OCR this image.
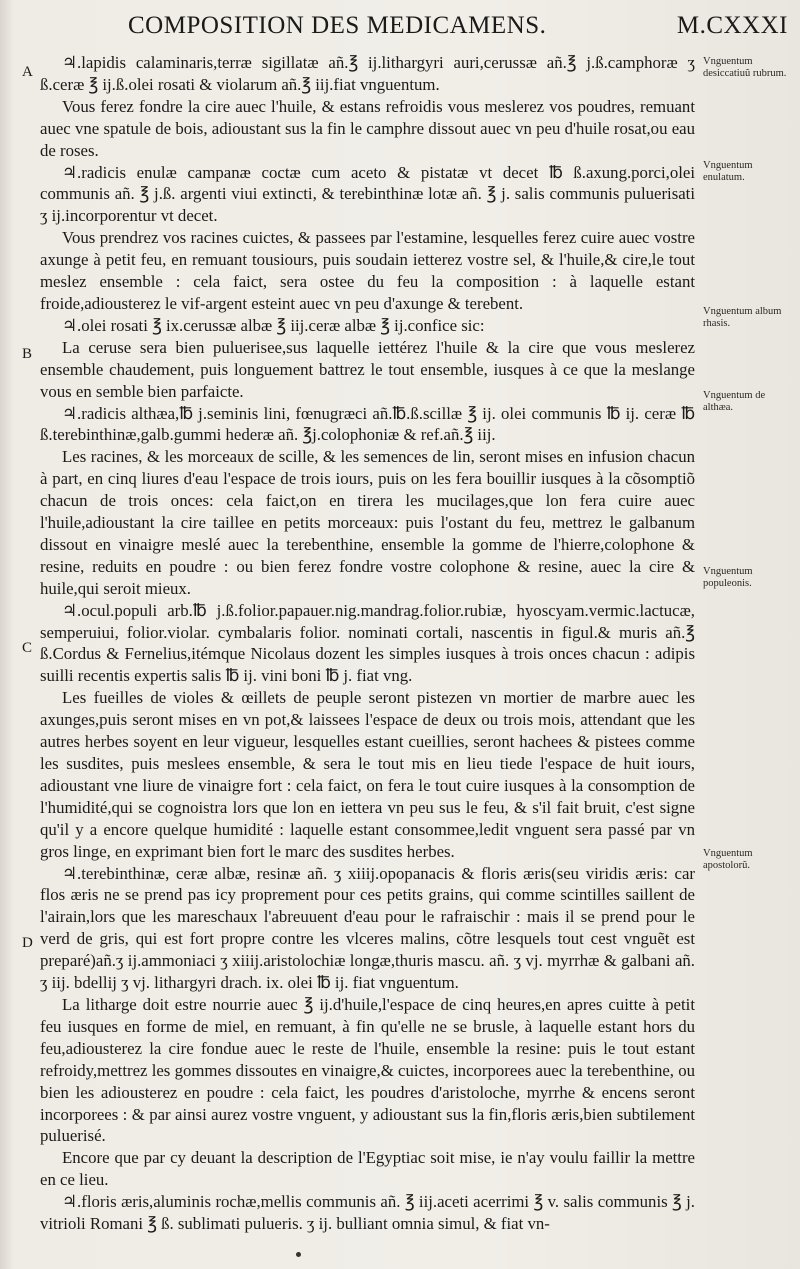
COMPOSITION DES MEDICAMENS.	M.CXXXI
A
B
C
D
Vnguentum desiccatiuũ rubrum.
Vnguentum enulatum.
Vnguentum album rhasis.
Vnguentum de althæa.
Vnguentum populeonis.
Vnguentum apostolorũ.

♃.lapidis calaminaris,terræ sigillatæ añ.℥ ij.lithargyri auri,cerussæ añ.℥ j.ß.camphoræ ʒ ß.ceræ ℥ ij.ß.olei rosati & violarum añ.℥ iij.fiat vnguentum.

Vous ferez fondre la cire auec l'huile, & estans refroidis vous meslerez vos poudres, remuant auec vne spatule de bois, adioustant sus la fin le camphre dissout auec vn peu d'huile rosat,ou eau de roses.

♃.radicis enulæ campanæ coctæ cum aceto & pistatæ vt decet ℔ ß.axung.porci,olei communis añ. ℥ j.ß. argenti viui extincti, & terebinthinæ lotæ añ. ℥ j. salis communis puluerisati ʒ ij.incorporentur vt decet.

Vous prendrez vos racines cuictes, & passees par l'estamine, lesquelles ferez cuire auec vostre axunge à petit feu, en remuant tousiours, puis soudain ietterez vostre sel, & l'huile,& cire,le tout meslez ensemble : cela faict, sera ostee du feu la composition : à laquelle estant froide,adiousterez le vif-argent esteint auec vn peu d'axunge & terebent.

♃.olei rosati ℥ ix.cerussæ albæ ℥ iij.ceræ albæ ℥ ij.confice sic:

La ceruse sera bien puluerisee,sus laquelle iettérez l'huile & la cire que vous meslerez ensemble chaudement, puis longuement battrez le tout ensemble, iusques à ce que la meslange vous en semble bien parfaicte.

♃.radicis althæa,℔ j.seminis lini, fœnugræci añ.℔.ß.scillæ ℥ ij. olei communis ℔ ij. ceræ ℔ ß.terebinthinæ,galb.gummi hederæ añ. ℥j.colophoniæ & ref.añ.℥ iij.

Les racines, & les morceaux de scille, & les semences de lin, seront mises en infusion chacun à part, en cinq liures d'eau l'espace de trois iours, puis on les fera bouillir iusques à la cõsomptiõ chacun de trois onces: cela faict,on en tirera les mucilages,que lon fera cuire auec l'huile,adioustant la cire taillee en petits morceaux: puis l'ostant du feu, mettrez le galbanum dissout en vinaigre meslé auec la terebenthine, ensemble la gomme de l'hierre,colophone & resine, reduits en poudre : ou bien ferez fondre vostre colophone & resine, auec la cire & huile,qui seroit mieux.

♃.ocul.populi arb.℔ j.ß.folior.papauer.nig.mandrag.folior.rubiæ, hyoscyam.vermic.lactucæ, semperuiui, folior.violar. cymbalaris folior. nominati cortali, nascentis in figul.& muris añ.℥ ß.Cordus & Fernelius,itémque Nicolaus dozent les simples iusques à trois onces chacun : adipis suilli recentis expertis salis ℔ ij. vini boni ℔ j. fiat vng.

Les fueilles de violes & œillets de peuple seront pistezen vn mortier de marbre auec les axunges,puis seront mises en vn pot,& laissees l'espace de deux ou trois mois, attendant que les autres herbes soyent en leur vigueur, lesquelles estant cueillies, seront hachees & pistees comme les susdites, puis meslees ensemble, & sera le tout mis en lieu tiede l'espace de huit iours, adioustant vne liure de vinaigre fort : cela faict, on fera le tout cuire iusques à la consomption de l'humidité,qui se cognoistra lors que lon en iettera vn peu sus le feu, & s'il fait bruit, c'est signe qu'il y a encore quelque humidité : laquelle estant consommee,ledit vnguent sera passé par vn gros linge, en exprimant bien fort le marc des susdites herbes.

♃.terebinthinæ, ceræ albæ, resinæ añ. ʒ xiiij.opopanacis & floris æris(seu viridis æris: car flos æris ne se prend pas icy proprement pour ces petits grains, qui comme scintilles saillent de l'airain,lors que les mareschaux l'abreuuent d'eau pour le rafraischir : mais il se prend pour le verd de gris, qui est fort propre contre les vlceres malins, cõtre lesquels tout cest vnguẽt est preparé)añ.ʒ ij.ammoniaci ʒ xiiij.aristolochiæ longæ,thuris mascu. añ. ʒ vj. myrrhæ & galbani añ. ʒ iij. bdellij ʒ vj. lithargyri drach. ix. olei ℔ ij. fiat vnguentum.

La litharge doit estre nourrie auec ℥ ij.d'huile,l'espace de cinq heures,en apres cuitte à petit feu iusques en forme de miel, en remuant, à fin qu'elle ne se brusle, à laquelle estant hors du feu,adiousterez la cire fondue auec le reste de l'huile, ensemble la resine: puis le tout estant refroidy,mettrez les gommes dissoutes en vinaigre,& cuictes, incorporees auec la terebenthine, ou bien les adiousterez en poudre : cela faict, les poudres d'aristoloche, myrrhe & encens seront incorporees : & par ainsi aurez vostre vnguent, y adioustant sus la fin,floris æris,bien subtilement puluerisé.

Encore que par cy deuant la description de l'Egyptiac soit mise, ie n'ay voulu faillir la mettre en ce lieu.

♃.floris æris,aluminis rochæ,mellis communis añ. ℥ iij.aceti acerrimi ℥ v. salis communis ℥ j. vitrioli Romani ℥ ß. sublimati pulueris. ʒ ij. bulliant omnia simul, & fiat vn-
